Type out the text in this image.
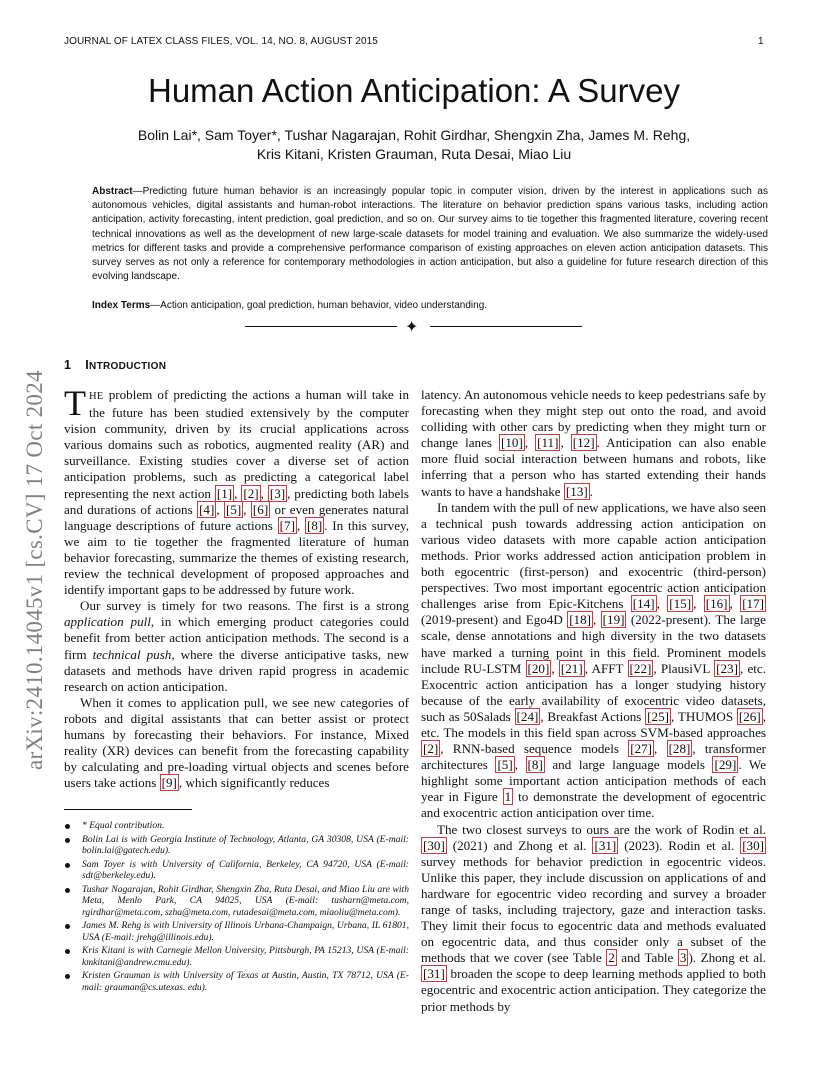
JOURNAL OF LATEX CLASS FILES, VOL. 14, NO. 8, AUGUST 2015	1
arXiv:2410.14045v1 [cs.CV] 17 Oct 2024
Human Action Anticipation: A Survey
Bolin Lai*, Sam Toyer*, Tushar Nagarajan, Rohit Girdhar, Shengxin Zha, James M. Rehg,
Kris Kitani, Kristen Grauman, Ruta Desai, Miao Liu
Abstract—Predicting future human behavior is an increasingly popular topic in computer vision, driven by the interest in applications such as autonomous vehicles, digital assistants and human-robot interactions. The literature on behavior prediction spans various tasks, including action anticipation, activity forecasting, intent prediction, goal prediction, and so on. Our survey aims to tie together this fragmented literature, covering recent technical innovations as well as the development of new large-scale datasets for model training and evaluation. We also summarize the widely-used metrics for different tasks and provide a comprehensive performance comparison of existing approaches on eleven action anticipation datasets. This survey serves as not only a reference for contemporary methodologies in action anticipation, but also a guideline for future research direction of this evolving landscape.
Index Terms—Action anticipation, goal prediction, human behavior, video understanding.
✦
1 INTRODUCTION

THE problem of predicting the actions a human will take in the future has been studied extensively by the computer vision community, driven by its crucial applications across various domains such as robotics, augmented reality (AR) and surveillance. Existing studies cover a diverse set of action anticipation problems, such as predicting a categorical label representing the next action [1] , [2] , [3] , predicting both labels and durations of actions [4] , [5] , [6] or even generates natural language descriptions of future actions [7] , [8] . In this survey, we aim to tie together the fragmented literature of human behavior forecasting, summarize the themes of existing research, review the technical development of proposed approaches and identify important gaps to be addressed by future work.

Our survey is timely for two reasons. The first is a strong application pull, in which emerging product categories could benefit from better action anticipation methods. The second is a firm technical push, where the diverse anticipative tasks, new datasets and methods have driven rapid progress in academic research on action anticipation.

When it comes to application pull, we see new categories of robots and digital assistants that can better assist or protect humans by forecasting their behaviors. For instance, Mixed reality (XR) devices can benefit from the forecasting capability by calculating and pre-loading virtual objects and scenes before users take actions [9] , which significantly reduces

* Equal contribution.
Bolin Lai is with Georgia Institute of Technology, Atlanta, GA 30308, USA (E-mail: bolin.lai@gatech.edu).
Sam Toyer is with University of California, Berkeley, CA 94720, USA (E-mail: sdt@berkeley.edu).
Tushar Nagarajan, Rohit Girdhar, Shengxin Zha, Ruta Desai, and Miao Liu are with Meta, Menlo Park, CA 94025, USA (E-mail: tusharn@meta.com, rgirdhar@meta.com, szha@meta.com, rutadesai@meta.com, miaoliu@meta.com).
James M. Rehg is with University of Illinois Urbana-Champaign, Urbana, IL 61801, USA (E-mail: jrehg@illinois.edu).
Kris Kitani is with Carnegie Mellon University, Pittsburgh, PA 15213, USA (E-mail: kmkitani@andrew.cmu.edu).
Kristen Grauman is with University of Texas at Austin, Austin, TX 78712, USA (E-mail: grauman@cs.utexas. edu).

latency. An autonomous vehicle needs to keep pedestrians safe by forecasting when they might step out onto the road, and avoid colliding with other cars by predicting when they might turn or change lanes [10] , [11] , [12] . Anticipation can also enable more fluid social interaction between humans and robots, like inferring that a person who has started extending their hands wants to have a handshake [13] .

In tandem with the pull of new applications, we have also seen a technical push towards addressing action anticipation on various video datasets with more capable action anticipation methods. Prior works addressed action anticipation problem in both egocentric (first-person) and exocentric (third-person) perspectives. Two most important egocentric action anticipation challenges arise from Epic-Kitchens [14] , [15] , [16] , [17] (2019-present) and Ego4D [18] , [19] (2022-present). The large scale, dense annotations and high diversity in the two datasets have marked a turning point in this field. Prominent models include RU-LSTM [20] , [21] , AFFT [22] , PlausiVL [23] , etc. Exocentric action anticipation has a longer studying history because of the early availability of exocentric video datasets, such as 50Salads [24] , Breakfast Actions [25] , THUMOS [26] , etc. The models in this field span across SVM-based approaches [2] , RNN-based sequence models [27] , [28] , transformer architectures [5] , [8] and large language models [29] . We highlight some important action anticipation methods of each year in Figure 1 to demonstrate the development of egocentric and exocentric action anticipation over time.

The two closest surveys to ours are the work of Rodin et al. [30] (2021) and Zhong et al. [31] (2023). Rodin et al. [30] survey methods for behavior prediction in egocentric videos. Unlike this paper, they include discussion on applications of and hardware for egocentric video recording and survey a broader range of tasks, including trajectory, gaze and interaction tasks. They limit their focus to egocentric data and methods evaluated on egocentric data, and thus consider only a subset of the methods that we cover (see Table 2 and Table 3 ). Zhong et al. [31] broaden the scope to deep learning methods applied to both egocentric and exocentric action anticipation. They categorize the prior methods by
